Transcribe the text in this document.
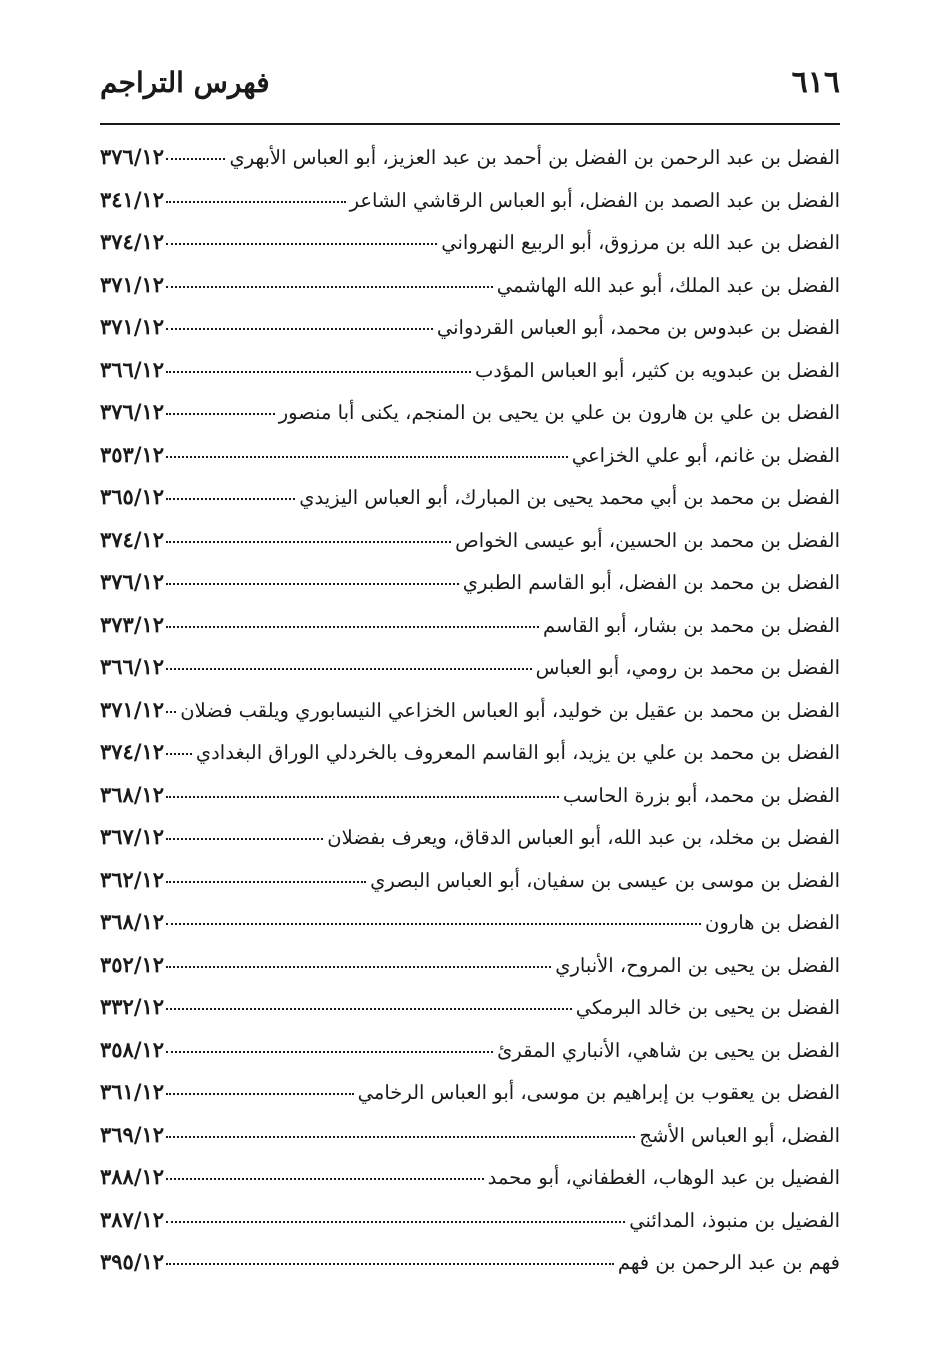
٦١٦
فهرس التراجم
الفضل بن عبد الرحمن بن الفضل بن أحمد بن عبد العزيز، أبو العباس الأبهري
٣٧٦/١٢
الفضل بن عبد الصمد بن الفضل، أبو العباس الرقاشي الشاعر
٣٤١/١٢
الفضل بن عبد الله بن مرزوق، أبو الربيع النهرواني
٣٧٤/١٢
الفضل بن عبد الملك، أبو عبد الله الهاشمي
٣٧١/١٢
الفضل بن عبدوس بن محمد، أبو العباس القردواني
٣٧١/١٢
الفضل بن عبدويه بن كثير، أبو العباس المؤدب
٣٦٦/١٢
الفضل بن علي بن هارون بن علي بن يحيى بن المنجم، يكنى أبا منصور
٣٧٦/١٢
الفضل بن غانم، أبو علي الخزاعي
٣٥٣/١٢
الفضل بن محمد بن أبي محمد يحيى بن المبارك، أبو العباس اليزيدي
٣٦٥/١٢
الفضل بن محمد بن الحسين، أبو عيسى الخواص
٣٧٤/١٢
الفضل بن محمد بن الفضل، أبو القاسم الطبري
٣٧٦/١٢
الفضل بن محمد بن بشار، أبو القاسم
٣٧٣/١٢
الفضل بن محمد بن رومي، أبو العباس
٣٦٦/١٢
الفضل بن محمد بن عقيل بن خوليد، أبو العباس الخزاعي النيسابوري ويلقب فضلان
٣٧١/١٢
الفضل بن محمد بن علي بن يزيد، أبو القاسم المعروف بالخردلي الوراق البغدادي
٣٧٤/١٢
الفضل بن محمد، أبو بزرة الحاسب
٣٦٨/١٢
الفضل بن مخلد، بن عبد الله، أبو العباس الدقاق، ويعرف بفضلان
٣٦٧/١٢
الفضل بن موسى بن عيسى بن سفيان، أبو العباس البصري
٣٦٢/١٢
الفضل بن هارون
٣٦٨/١٢
الفضل بن يحيى بن المروح، الأنباري
٣٥٢/١٢
الفضل بن يحيى بن خالد البرمكي
٣٣٢/١٢
الفضل بن يحيى بن شاهي، الأنباري المقرئ
٣٥٨/١٢
الفضل بن يعقوب بن إبراهيم بن موسى، أبو العباس الرخامي
٣٦١/١٢
الفضل، أبو العباس الأشج
٣٦٩/١٢
الفضيل بن عبد الوهاب، الغطفاني، أبو محمد
٣٨٨/١٢
الفضيل بن منبوذ، المدائني
٣٨٧/١٢
فهم بن عبد الرحمن بن فهم
٣٩٥/١٢
